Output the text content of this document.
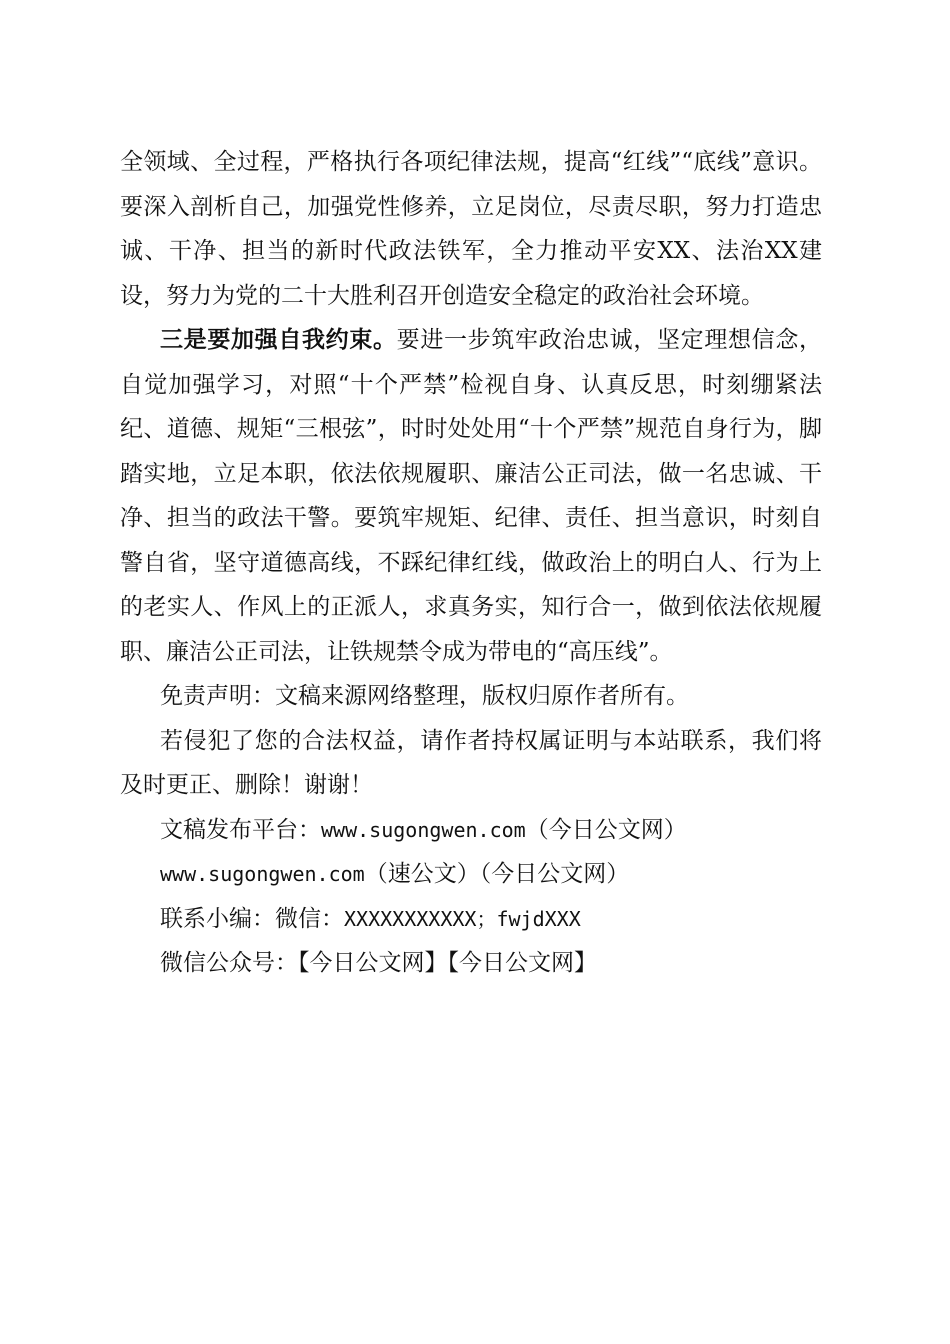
全领域、全过程，严格执行各项纪律法规，提高“红线”“底线”意识。要深入剖析自己，加强党性修养，立足岗位，尽责尽职，努力打造忠诚、干净、担当的新时代政法铁军，全力推动平安XX、法治XX建设，努力为党的二十大胜利召开创造安全稳定的政治社会环境。

三是要加强自我约束。要进一步筑牢政治忠诚，坚定理想信念，自觉加强学习，对照“十个严禁”检视自身、认真反思，时刻绷紧法纪、道德、规矩“三根弦”，时时处处用“十个严禁”规范自身行为，脚踏实地，立足本职，依法依规履职、廉洁公正司法，做一名忠诚、干净、担当的政法干警。要筑牢规矩、纪律、责任、担当意识，时刻自警自省，坚守道德高线，不踩纪律红线，做政治上的明白人、行为上的老实人、作风上的正派人，求真务实，知行合一，做到依法依规履职、廉洁公正司法，让铁规禁令成为带电的“高压线”。

免责声明：文稿来源网络整理，版权归原作者所有。

若侵犯了您的合法权益，请作者持权属证明与本站联系，我们将及时更正、删除！谢谢！

文稿发布平台：www.sugongwen.com（今日公文网）

www.sugongwen.com（速公文）（今日公文网）

联系小编：微信：XXXXXXXXXXX；fwjdXXX

微信公众号：【今日公文网】【今日公文网】
